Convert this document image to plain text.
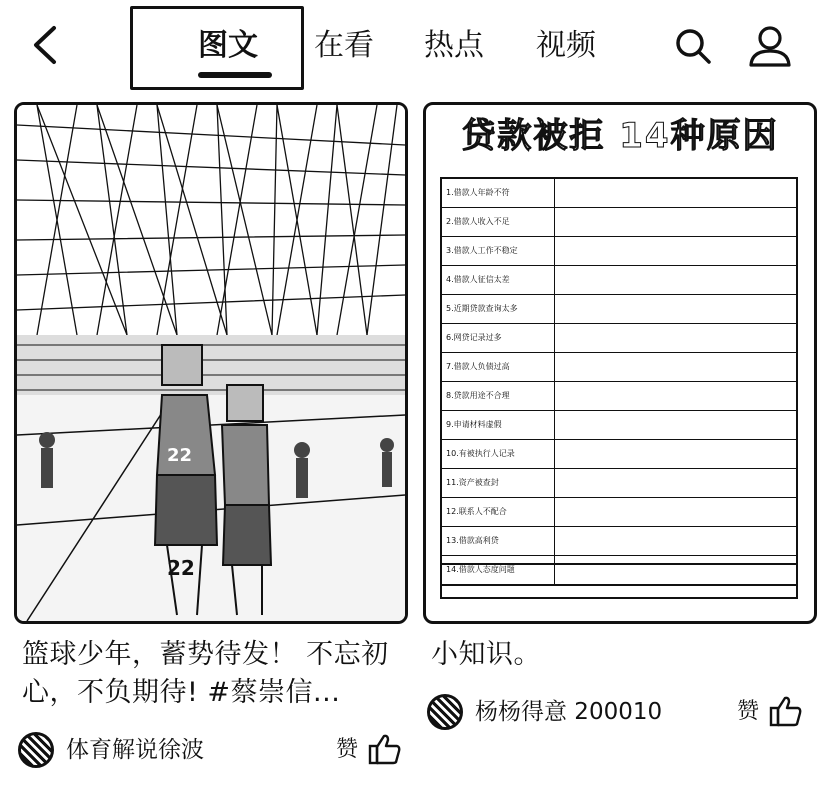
图文 在看 热点 视频
22
22
篮球少年，蓄势待发！ 不忘初心，不负期待! #蔡崇信...
体育解说徐波	赞
贷款被拒 14种原因
1.借款人年龄不符
2.借款人收入不足
3.借款人工作不稳定
4.借款人征信太差
5.近期贷款查询太多
6.网贷记录过多
7.借款人负债过高
8.贷款用途不合理
9.申请材料虚假
10.有被执行人记录
11.资产被查封
12.联系人不配合
13.借款高利贷
14.借款人态度问题
小知识。
杨杨得意 200010	赞
